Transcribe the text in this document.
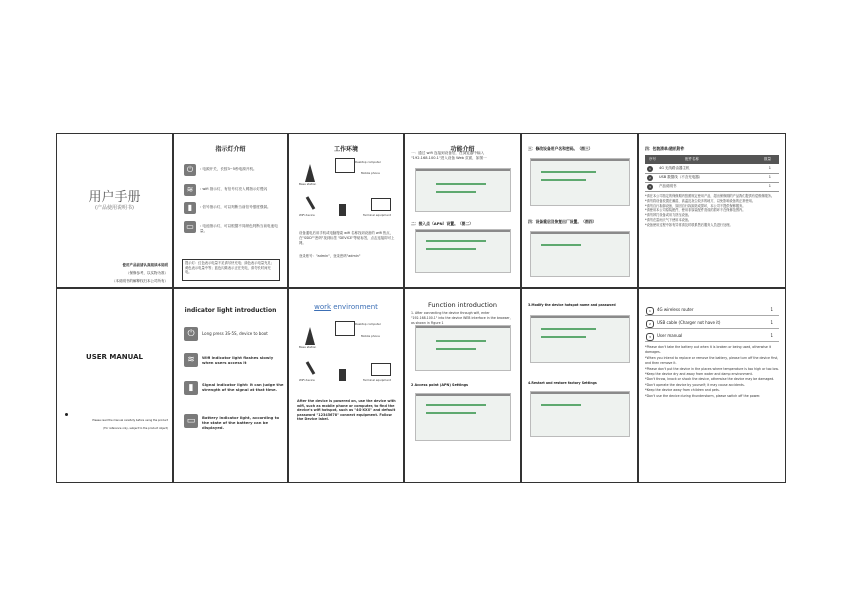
用户手册
(产品使用说明书)
使用产品前请认真阅读本说明
（保修参考，以实物为准）
（本说明书的解释权归本公司所有）
指示灯介绍
⏻	: 电源开关，长按3~5秒电源开机。
≋	: wifi 指示灯，有信号灯亮入网指示灯慢闪
▮	: 信号指示灯，可以判断当前信号强度强弱。
▭	: 电池指示灯，可以根据不同颜色判断当前电池电量。
提示灯：红色表示电量不足请尽快充电；绿色表示电量充足；黄色表示电量中等；蓝色闪烁表示正在充电，请勿长时间充电。
工作环境
Base station
Desktop computer
Mobile phone
WiFi device	Terminal equipment
设备通电后用手机或电脑搜索 wifi 名称找到设备的 wifi 热点，在"SSID""密码"找到标签 "DEVICE"等贴标签，点击连接即可上网。
登录账号："admin"，登录密码"admin"
功能介绍
一：通过 wifi 连接到设备后，在浏览器中输入 "192.168.100.1"进入设备 Web 页面，如图一
二：接入点（APN）设置。（图二）
三：修改设备用户名和密码。（图三）
四：设备重启及恢复出厂设置。（图四）
四：包装清单/随机附件
序号	配件名称	数量
1	4G 无线路由器主机	1
2	USB 数据线（不含充电器）	1
3	产品说明书	1
*请在本公司指定的保修期内按照规定使用产品，超出保修期的产品我们提供有偿维修服务。
*请勿将设备放置在潮湿、高温及灰尘较多的地方，以免影响设备的正常使用。
*请勿自行拆卸设备，如因自行拆卸造成损坏，本公司不提供保修服务。
*请使用本公司原装配件，使用非原装配件造成的损坏不在保修范围内。
*请勿摔打设备或用力挤压设备。
*请勿在雷雨天气下使用本设备。
*设备使用过程中如有异常请及时联系售后服务人员进行处理。
USER MANUAL
Please read the manual carefully before using the product
(For reference only, subject to the product object)
indicator light introduction
⏻	Long press 3S-5S, device to boot
≋	Wifi indicator light flashes slowly when users access it
▮	Signal indicator light: it can judge the strength of the signal at that time.
▭	Battery indicator light, according to the state of the battery can be displayed.
work environment
Base station
Desktop computer
Mobile phone
WiFi device	Terminal equipment
After the device is powered on, use the device with wifi, such as mobile phone or computer, to find the device's wifi hotspot, such as "4G-XXX" and default password "12345678" connect equipment. Follow the Device label.
Function introduction
1. After connecting the device through wifi, enter "192.168.100.1" into the device WEB interface in the browser, as shown in Figure 1
2 Access point (APN) Settings
3.Modify the device hotspot name and password
4.Restart and restore factory Settings
1	4G wireless router	1
2	USB cable (Charger not have it)	1
3	User manual	1
*Please don't take the battery out when it is broken or being used, otherwise it damages.
*When you intend to replace or remove the battery, please turn off the device first, and then remove it.
*Please don't put the device in the places where temperature is too high or too low.
*Keep the device dry and away from water and damp environment.
*Don't throw, knock or shock the device, otherwise the device may be damaged.
*Don't operate the device by yourself; it may cause accidents.
*Keep the device away from children and pets.
*Don't use the device during thunderstorm, please switch off the power.
